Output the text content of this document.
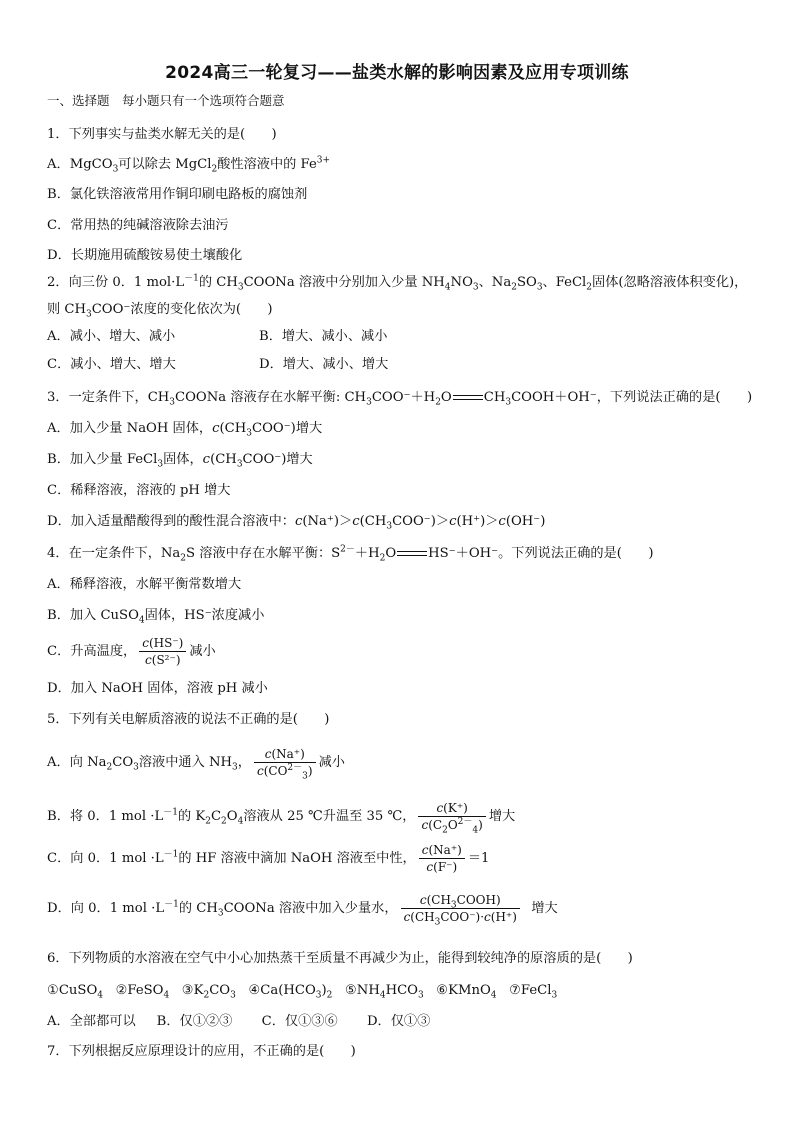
2024高三一轮复习——盐类水解的影响因素及应用专项训练
一、选择题　每小题只有一个选项符合题意
1．下列事实与盐类水解无关的是(　　)
A．MgCO$_3$可以除去 MgCl$_2$酸性溶液中的 $Fe^{3+}$
B．氯化铁溶液常用作铜印刷电路板的腐蚀剂
C．常用热的纯碱溶液除去油污
D．长期施用硫酸铵易使土壤酸化
2．向三份 0．1 $mol\cdot L^{-1}$的 $CH_3COONa$ 溶液中分别加入少量 $NH_4NO_3$、$Na_2SO_3$、FeCl$_2$固体(忽略溶液体积变化)，
则 $CH_3COO^-$浓度的变化依次为(　　)
A．减小、增大、减小	B．增大、减小、减小
C．减小、增大、增大	D．增大、减小、增大
3．一定条件下，$CH_3COONa$ 溶液存在水解平衡: $CH_3COO^-+H_2O$ $CH_3COOH+OH^-$，下列说法正确的是(　　)
A．加入少量 NaOH 固体，$c(CH_3COO^-)$增大
B．加入少量 FeCl$_3$固体，$c(CH_3COO^-)$增大
C．稀释溶液，溶液的 pH 增大
D．加入适量醋酸得到的酸性混合溶液中：$c(Na^+)>c(CH_3COO^-)>c(H^+)>c(OH^-)$
4．在一定条件下，$Na_2S$ 溶液中存在水解平衡：$S^{2-}+H_2O$ HS⁻＋OH⁻。下列说法正确的是(　　)
A．稀释溶液，水解平衡常数增大
B．加入 CuSO$_4$固体，HS⁻浓度减小
C．升高温度， $\frac{c(HS^-)}{\text{c(S²⁻)}}$ 减小
D．加入 NaOH 固体，溶液 pH 减小
5．下列有关电解质溶液的说法不正确的是(　　)
A．向 $Na_2CO_3$溶液中通入 $NH_3$， $\frac{c(Na^+)}{c(CO^{2-}_3)}$ 减小
B．将 0．1 mol $\cdot L^{-1}$的 $K_2C_2O_4$溶液从 25 ℃升温至 35 ℃， $\frac{c(K^+)}{c(C_2O^{2-}_4)}$ 增大
C．向 0．1 mol $\cdot L^{-1}$的 HF 溶液中滴加 NaOH 溶液至中性， $\frac{c(Na^+)}{c(F^-)} =1$
D．向 0．1 mol $\cdot L^{-1}$的 $CH_3COONa$ 溶液中加入少量水， $\frac{c(CH_3COOH)}{c(CH_3COO^-)\cdot c(H^+)}$ 增大
6．下列物质的水溶液在空气中小心加热蒸干至质量不再减少为止，能得到较纯净的原溶质的是(　　)
①CuSO$_4$ ②FeSO$_4$ $③K_2CO_3$ $④Ca(HCO_3)_2$ $⑤NH_4HCO_3$ ⑥KMnO$_4$ ⑦FeCl$_3$
A．全部都可以 B．仅①②③ C．仅①③⑥ D．仅①③
7．下列根据反应原理设计的应用，不正确的是(　　)
